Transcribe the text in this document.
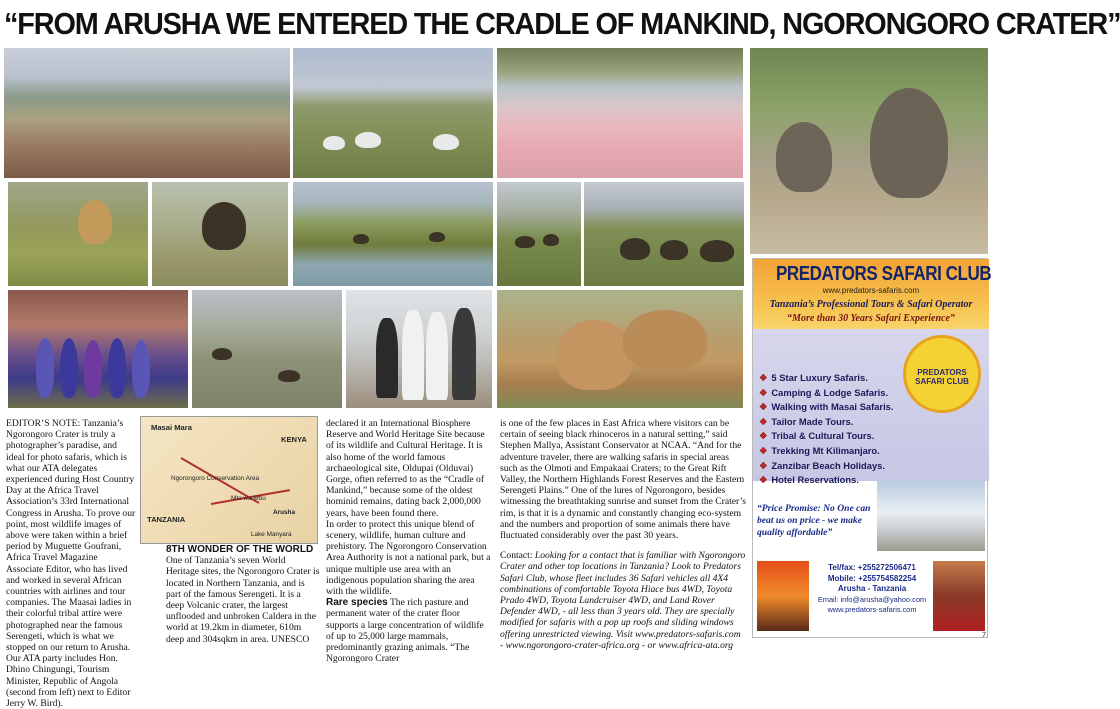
“FROM ARUSHA WE ENTERED THE CRADLE OF MANKIND, NGORONGORO CRATER”
Masai Mara
KENYA
Ngorongoro Conservation Area
Mto wa Mbu
Arusha
TANZANIA
Lake Manyara

EDITOR’S NOTE: Tanzania’s Ngorongoro Crater is truly a photographer’s paradise, and ideal for photo safaris, which is what our ATA delegates experienced during Host Country Day at the Africa Travel Association’s 33rd International Congress in Arusha. To prove our point, most wildlife images of above were taken within a brief period by Muguette Goufrani, Africa Travel Magazine Associate Editor, who has lived and worked in several African countries with airlines and tour companies. The Maasai ladies in their colorful tribal attire were photographed near the famous Serengeti, which is what we stopped on our return to Arusha. Our ATA party includes Hon. Dhino Chingungi, Tourism Minister, Republic of Angola (second from left) next to Editor Jerry W. Bird).

8TH WONDER OF THE WORLD

One of Tanzania’s seven World Heritage sites, the Ngorongoro Crater is located in Northern Tanzania, and is part of the famous Serengeti. It is a deep Volcanic crater, the largest unflooded and unbroken Caldera in the world at 19.2km in diameter, 610m deep and 304sqkm in area. UNESCO

declared it an International Biosphere Reserve and World Heritage Site because of its wildlife and Cultural Heritage. It is also home of the world famous archaeological site, Oldupai (Olduvai) Gorge, often referred to as the “Cradle of Mankind,” because some of the oldest hominid remains, dating back 2,000,000 years, have been found there.

In order to protect this unique blend of scenery, wildlife, human culture and prehistory. The Ngorongoro Conservation Area Authority is not a national park, but a unique multiple use area with an indigenous population sharing the area with the wildlife.

Rare species The rich pasture and permanent water of the crater floor supports a large concentration of wildlife of up to 25,000 large mammals, predominantly grazing animals. “The Ngorongoro Crater

is one of the few places in East Africa where visitors can be certain of seeing black rhinoceros in a natural setting,” said Stephen Mallya, Assistant Conservator at NCAA. “And for the adventure traveler, there are walking safaris in special areas such as the Olmoti and Empakaai Craters; to the Great Rift Valley, the Northern Highlands Forest Reserves and the Eastern Serengeti Plains.” One of the lures of Ngorongoro, besides witnessing the breathtaking sunrise and sunset from the Crater’s rim, is that it is a dynamic and constantly changing eco-system and the numbers and proportion of some animals there have fluctuated considerably over the past 30 years.

Contact: Looking for a contact that is familiar with Ngorongoro Crater and other top locations in Tanzania? Look to Predators Safari Club, whose fleet includes 36 Safari vehicles all 4X4 combinations of comfortable Toyota Hiace bus 4WD, Toyota Prado 4WD, Toyota Landcruiser 4WD, and Land Rover Defender 4WD, - all less than 3 years old. They are specially modified for safaris with a pop up roofs and sliding windows offering unrestricted viewing. Visit www.predators-safaris.com - www.ngorongoro-crater-africa.org - or www.africa-ata.org

PREDATORS SAFARI CLUB
www.predators-safaris.com
Tanzania’s Professional Tours & Safari Operator
“More than 30 Years Safari Experience”
PREDATORS SAFARI CLUB
❖ 5 Star Luxury Safaris.
❖ Camping & Lodge Safaris.
❖ Walking with Masai Safaris.
❖ Tailor Made Tours.
❖ Tribal & Cultural Tours.
❖ Trekking Mt Kilimanjaro.
❖ Zanzibar Beach Holidays.
❖ Hotel Reservations.
“Price Promise: No One can beat us on price - we make quality affordable”
Tel/fax: +255272506471
Mobile: +255754582254
Arusha - Tanzania
Email: info@arusha@yahoo.com
www.predators-safaris.com
7
